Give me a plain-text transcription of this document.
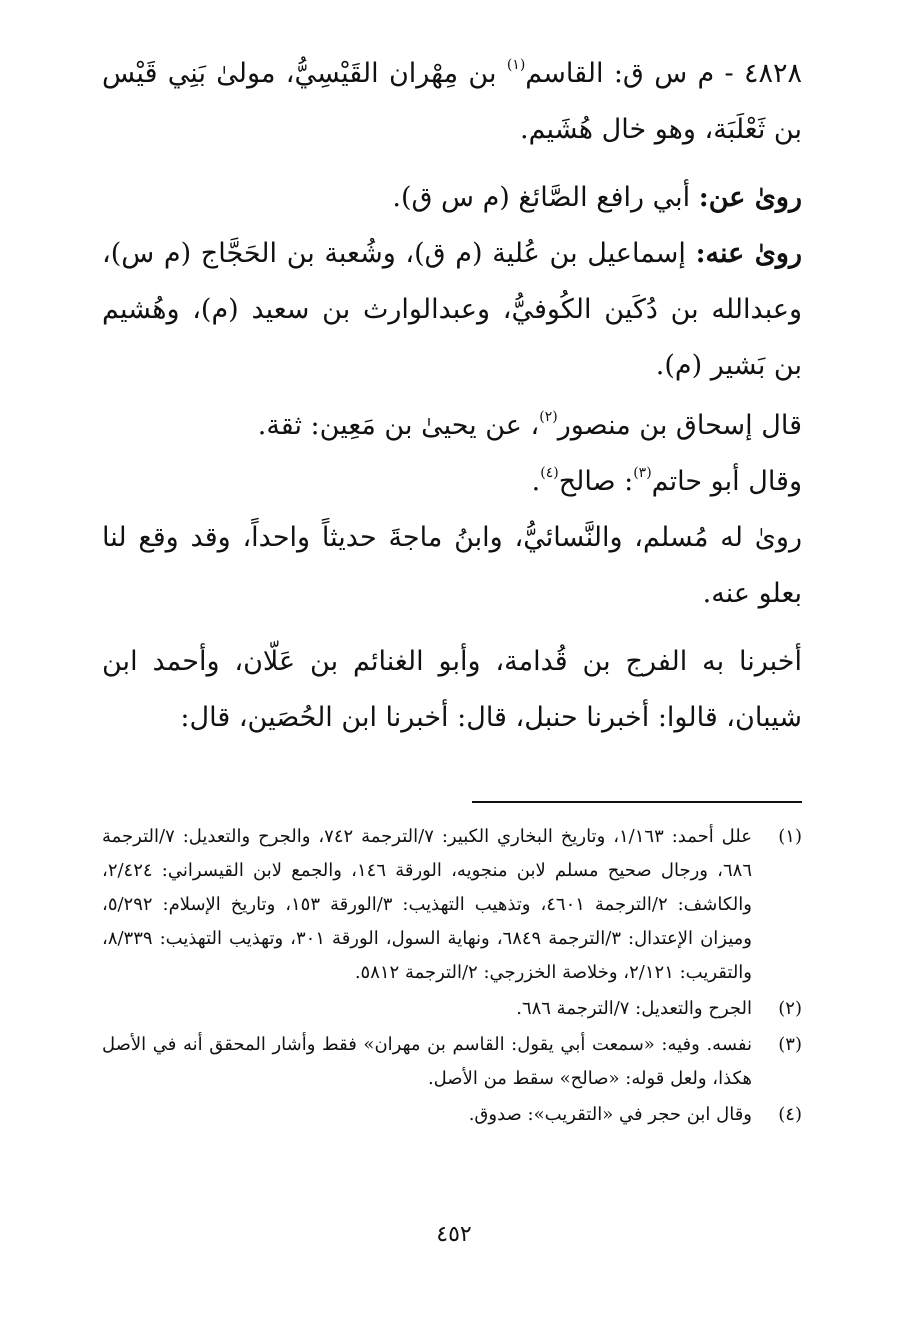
٤٨٢٨ - م س ق: القاسم$^{(١)}$ بن مِهْران القَيْسِيُّ، مولىٰ بَنِي قَيْس بن ثَعْلَبَة، وهو خال هُشَيم.

روىٰ عن: أبي رافع الصَّائغ (م س ق).

روىٰ عنه: إسماعيل بن عُلية (م ق)، وشُعبة بن الحَجَّاج (م س)، وعبدالله بن دُكَين الكُوفيُّ، وعبدالوارث بن سعيد (م)، وهُشيم بن بَشير (م).

قال إسحاق بن منصور$^{(٢)}$، عن يحيىٰ بن مَعِين: ثقة.

وقال أبو حاتم$^{(٣)}$: صالح$^{(٤)}$.

روىٰ له مُسلم، والنَّسائيُّ، وابنُ ماجةَ حديثاً واحداً، وقد وقع لنا بعلو عنه.

أخبرنا به الفرج بن قُدامة، وأبو الغنائم بن عَلّان، وأحمد ابن شيبان، قالوا: أخبرنا حنبل، قال: أخبرنا ابن الحُصَين، قال:

(١)
علل أحمد: ١/١٦٣، وتاريخ البخاري الكبير: ٧/الترجمة ٧٤٢، والجرح والتعديل: ٧/الترجمة ٦٨٦، ورجال صحيح مسلم لابن منجويه، الورقة ١٤٦، والجمع لابن القيسراني: ٢/٤٢٤، والكاشف: ٢/الترجمة ٤٦٠١، وتذهيب التهذيب: ٣/الورقة ١٥٣، وتاريخ الإسلام: ٥/٢٩٢، وميزان الإعتدال: ٣/الترجمة ٦٨٤٩، ونهاية السول، الورقة ٣٠١، وتهذيب التهذيب: ٨/٣٣٩، والتقريب: ٢/١٢١، وخلاصة الخزرجي: ٢/الترجمة ٥٨١٢.
(٢)
الجرح والتعديل: ٧/الترجمة ٦٨٦.
(٣)
نفسه. وفيه: «سمعت أبي يقول: القاسم بن مهران» فقط وأشار المحقق أنه في الأصل هكذا، ولعل قوله: «صالح» سقط من الأصل.
(٤)
وقال ابن حجر في «التقريب»: صدوق.
٤٥٢
